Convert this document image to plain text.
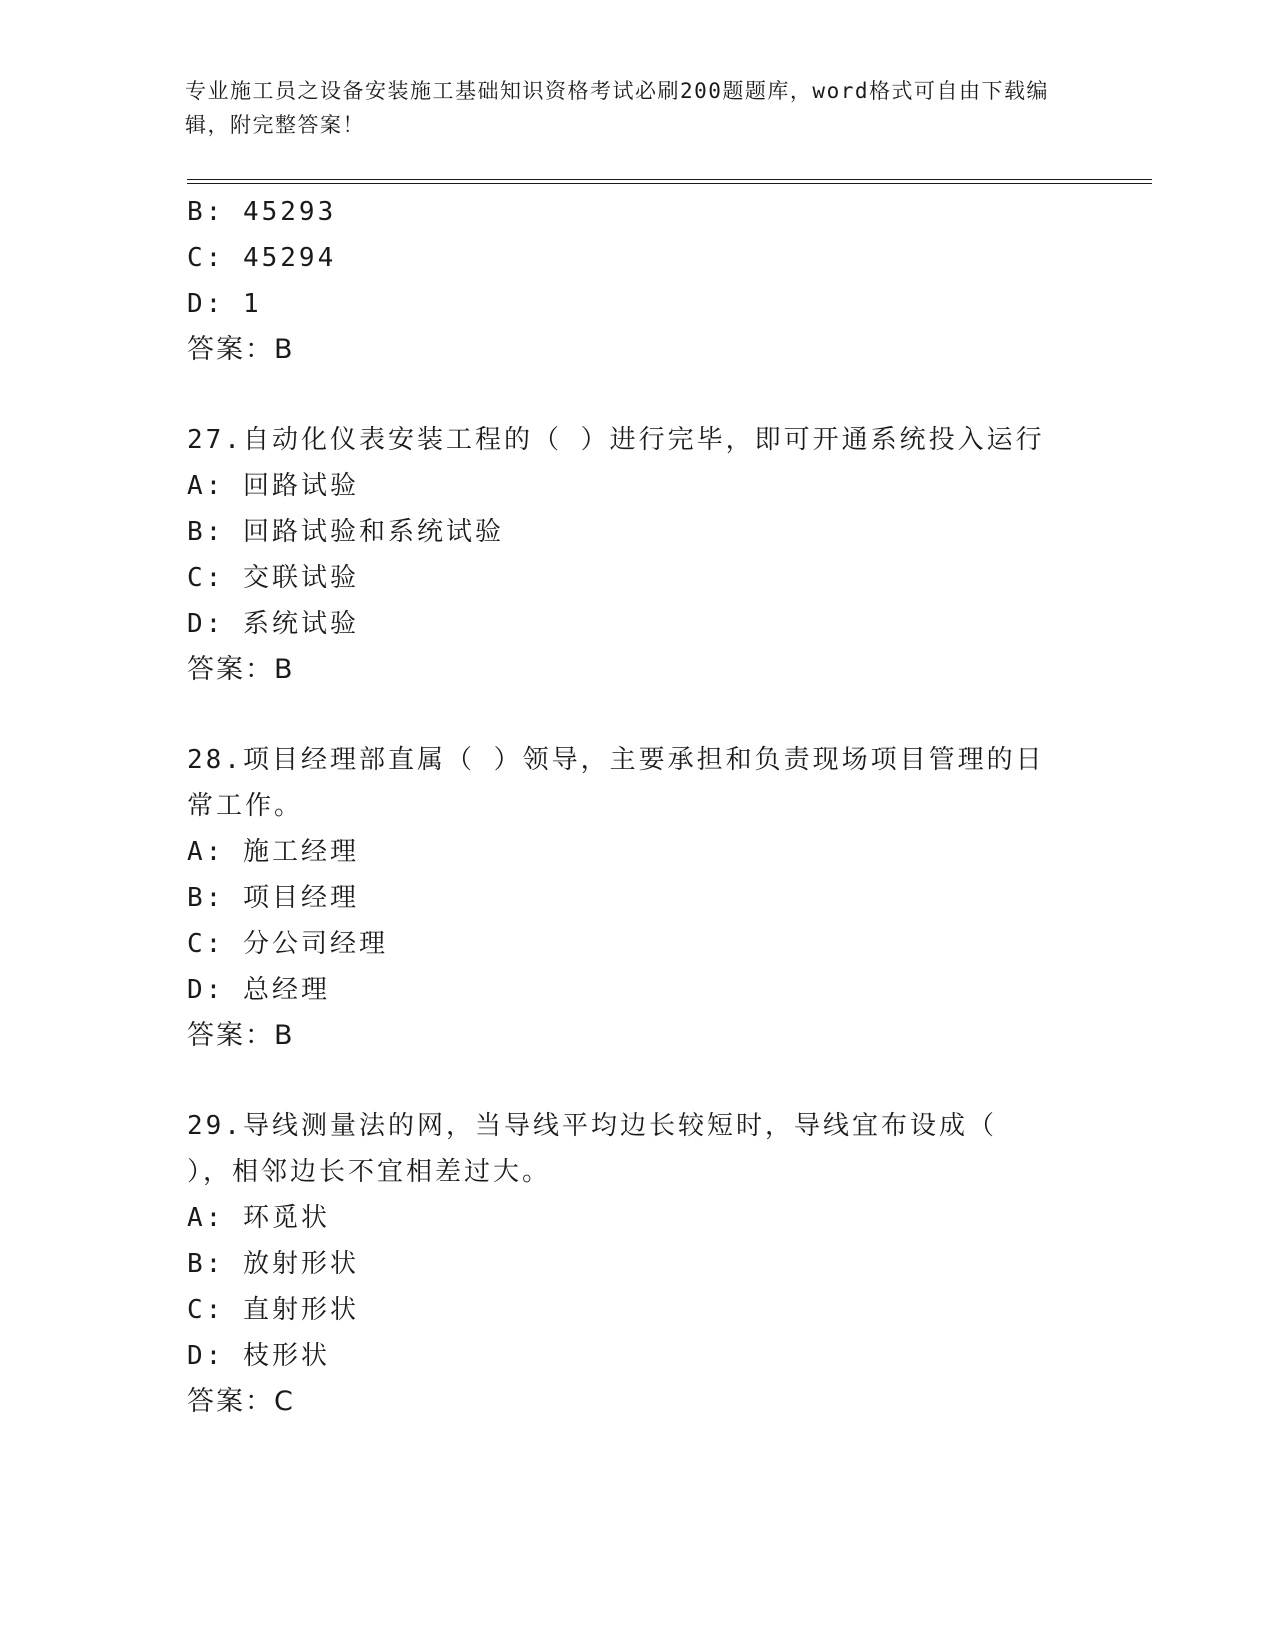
专业施工员之设备安装施工基础知识资格考试必刷200题题库，word格式可自由下载编辑，附完整答案！
B: 45293
C: 45294
D: 1
答案：B
27.自动化仪表安装工程的（ ）进行完毕，即可开通系统投入运行
A: 回路试验
B: 回路试验和系统试验
C: 交联试验
D: 系统试验
答案：B
28.项目经理部直属（ ）领导，主要承担和负责现场项目管理的日常工作。
A: 施工经理
B: 项目经理
C: 分公司经理
D: 总经理
答案：B
29.导线测量法的网，当导线平均边长较短时，导线宜布设成（ ），相邻边长不宜相差过大。
A: 环觅状
B: 放射形状
C: 直射形状
D: 枝形状
答案：C
